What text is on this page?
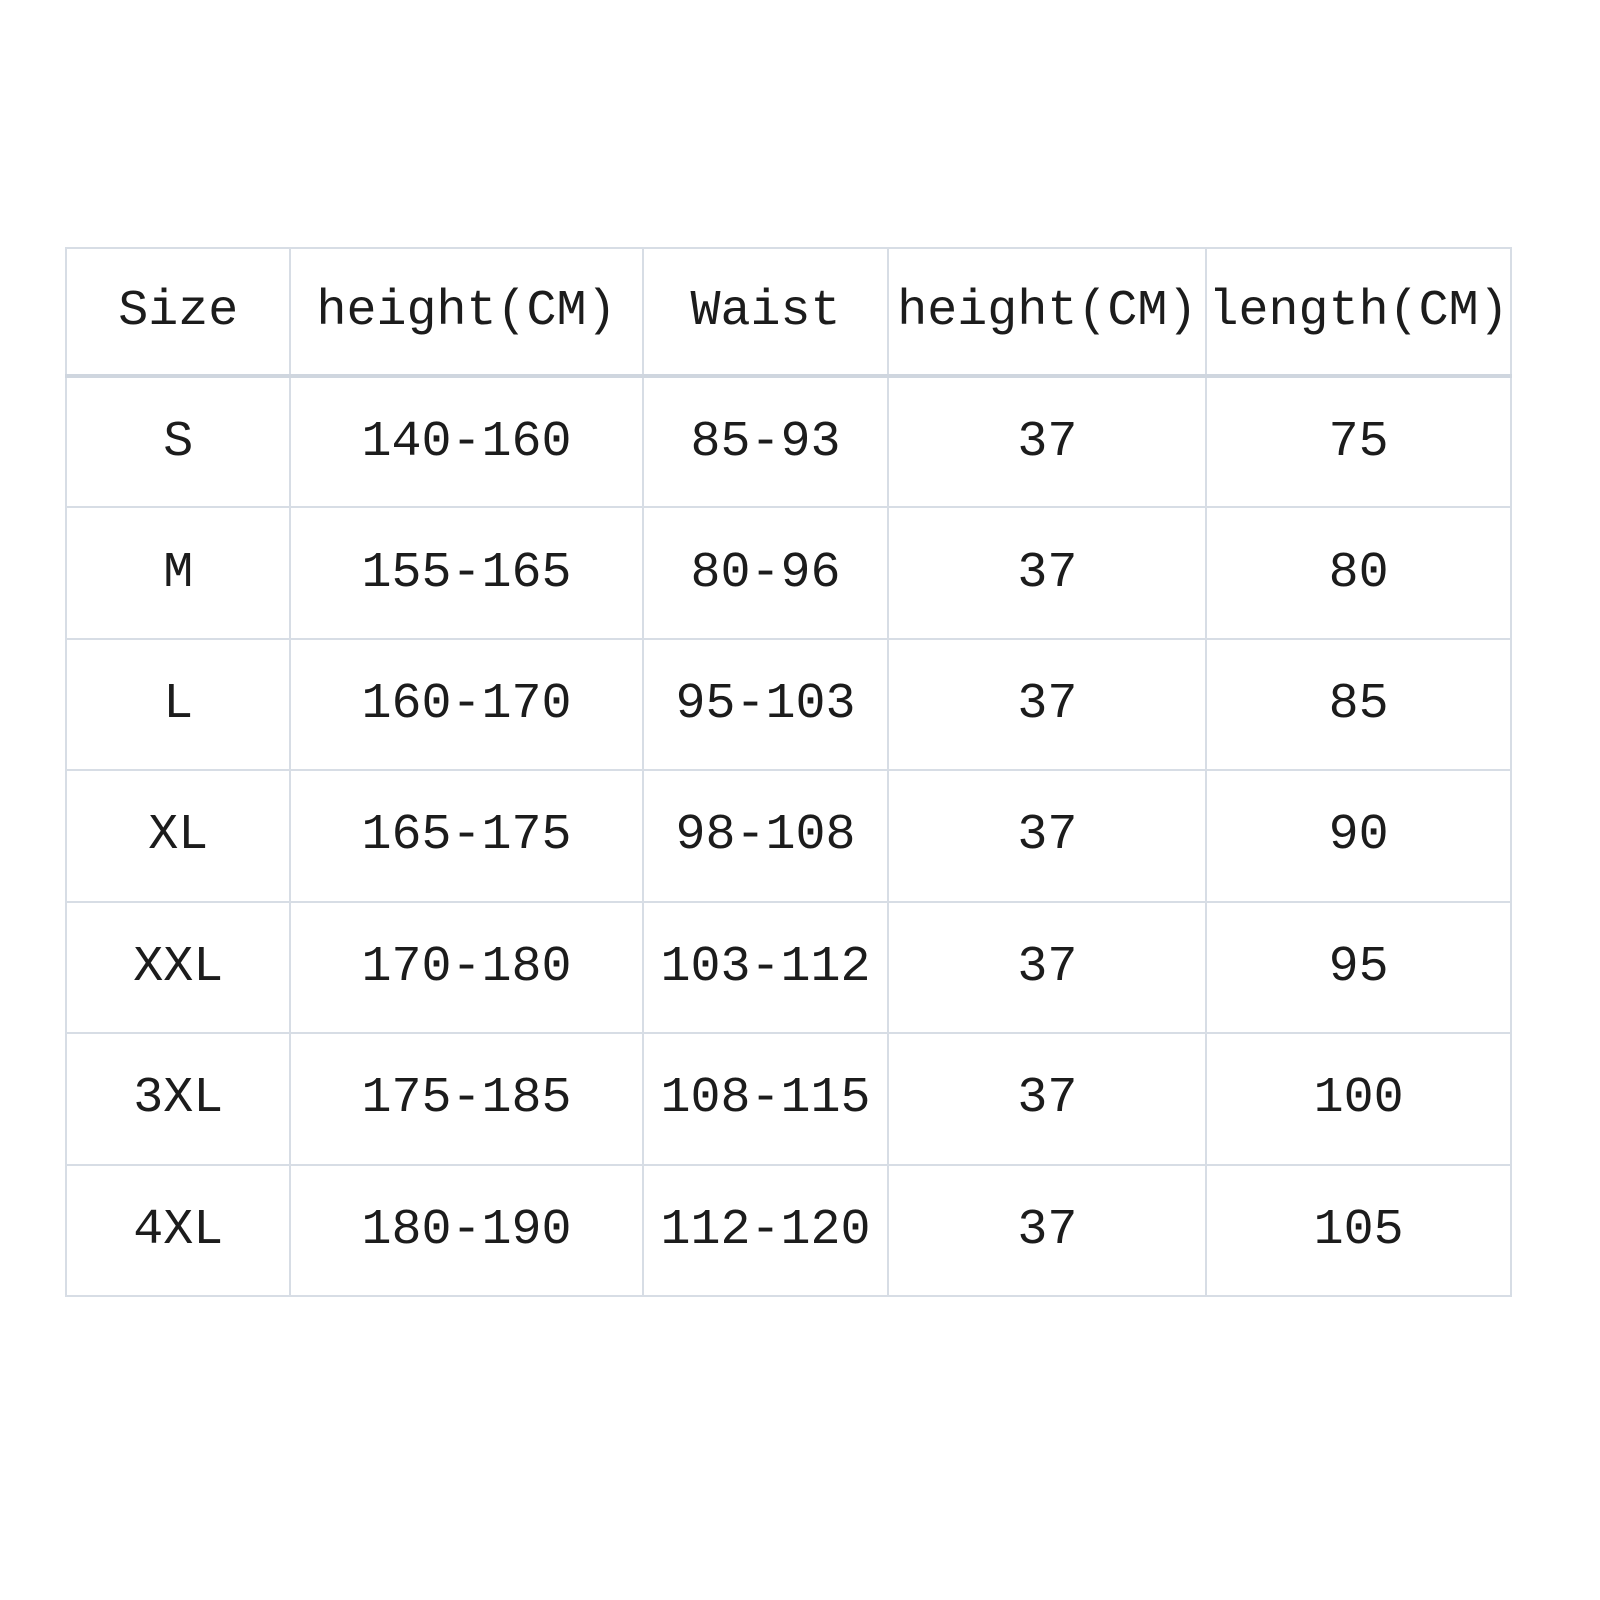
Size	height(CM)	Waist	height(CM)	length(CM)
S	140-160	85-93	37	75
M	155-165	80-96	37	80
L	160-170	95-103	37	85
XL	165-175	98-108	37	90
XXL	170-180	103-112	37	95
3XL	175-185	108-115	37	100
4XL	180-190	112-120	37	105
